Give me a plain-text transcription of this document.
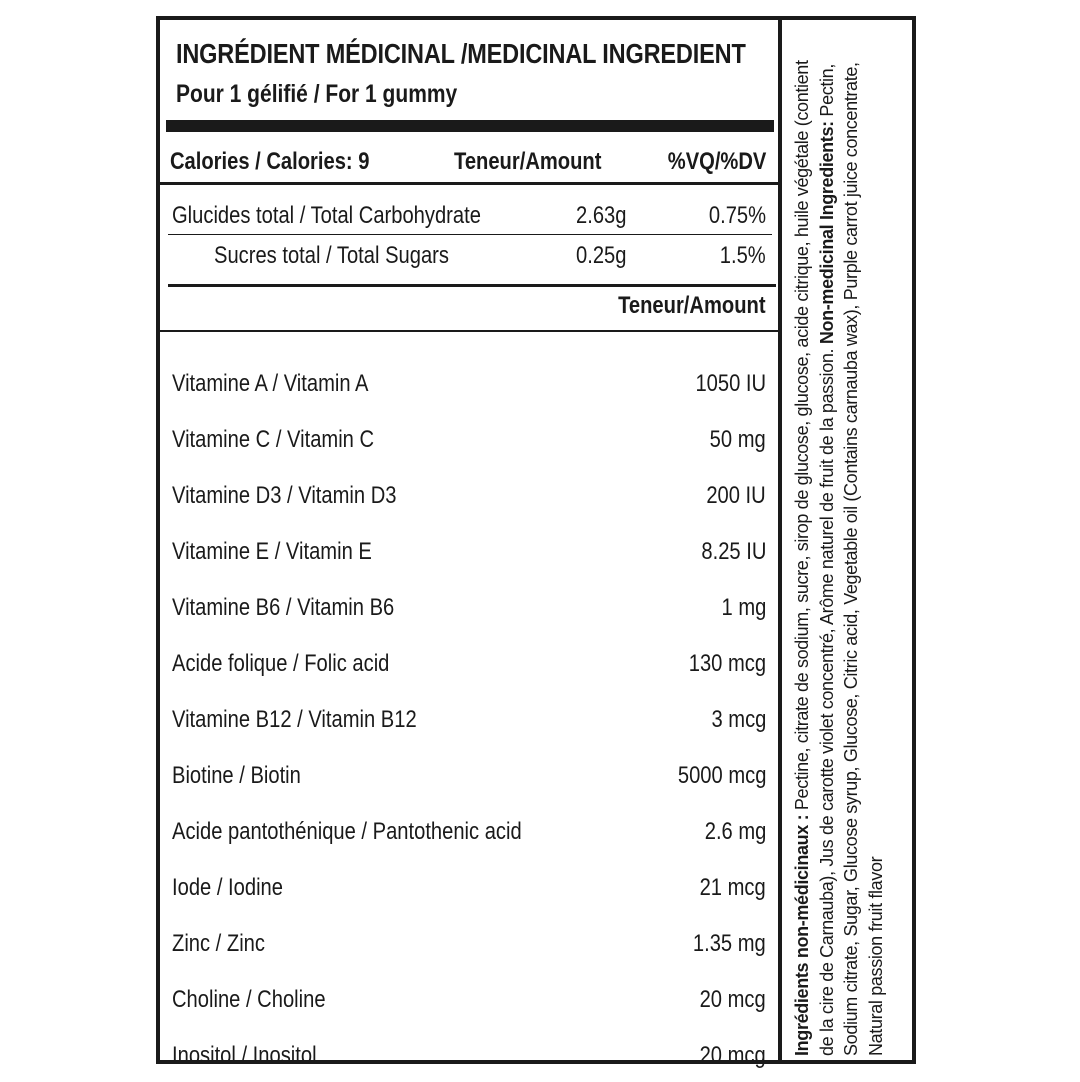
INGRÉDIENT MÉDICINAL /MEDICINAL INGREDIENT
Pour 1 gélifié / For 1 gummy
Calories / Calories: 9	Teneur/Amount	%VQ/%DV
Glucides total / Total Carbohydrate	2.63g	0.75%
Sucres total / Total Sugars	0.25g	1.5%
Teneur/Amount
Vitamine A / Vitamin A	1050 IU
Vitamine C / Vitamin C	50 mg
Vitamine D3 / Vitamin D3	200 IU
Vitamine E / Vitamin E	8.25 IU
Vitamine B6 / Vitamin B6	1 mg
Acide folique / Folic acid	130 mcg
Vitamine B12 / Vitamin B12	3 mcg
Biotine / Biotin	5000 mcg
Acide pantothénique / Pantothenic acid	2.6 mg
Iode / Iodine	21 mcg
Zinc / Zinc	1.35 mg
Choline / Choline	20 mcg
Inositol / Inositol	20 mcg Ingrédients non-médicinaux : Pectine, citrate de sodium, sucre, sirop de glucose, glucose, acide citrique, huile végétale (contient de la cire de Carnauba), Jus de carotte violet concentré, Arôme naturel de fruit de la passion. Non-medicinal Ingredients: Pectin, Sodium citrate, Sugar, Glucose syrup, Glucose, Citric acid, Vegetable oil (Contains carnauba wax), Purple carrot juice concentrate, Natural passion fruit flavor
